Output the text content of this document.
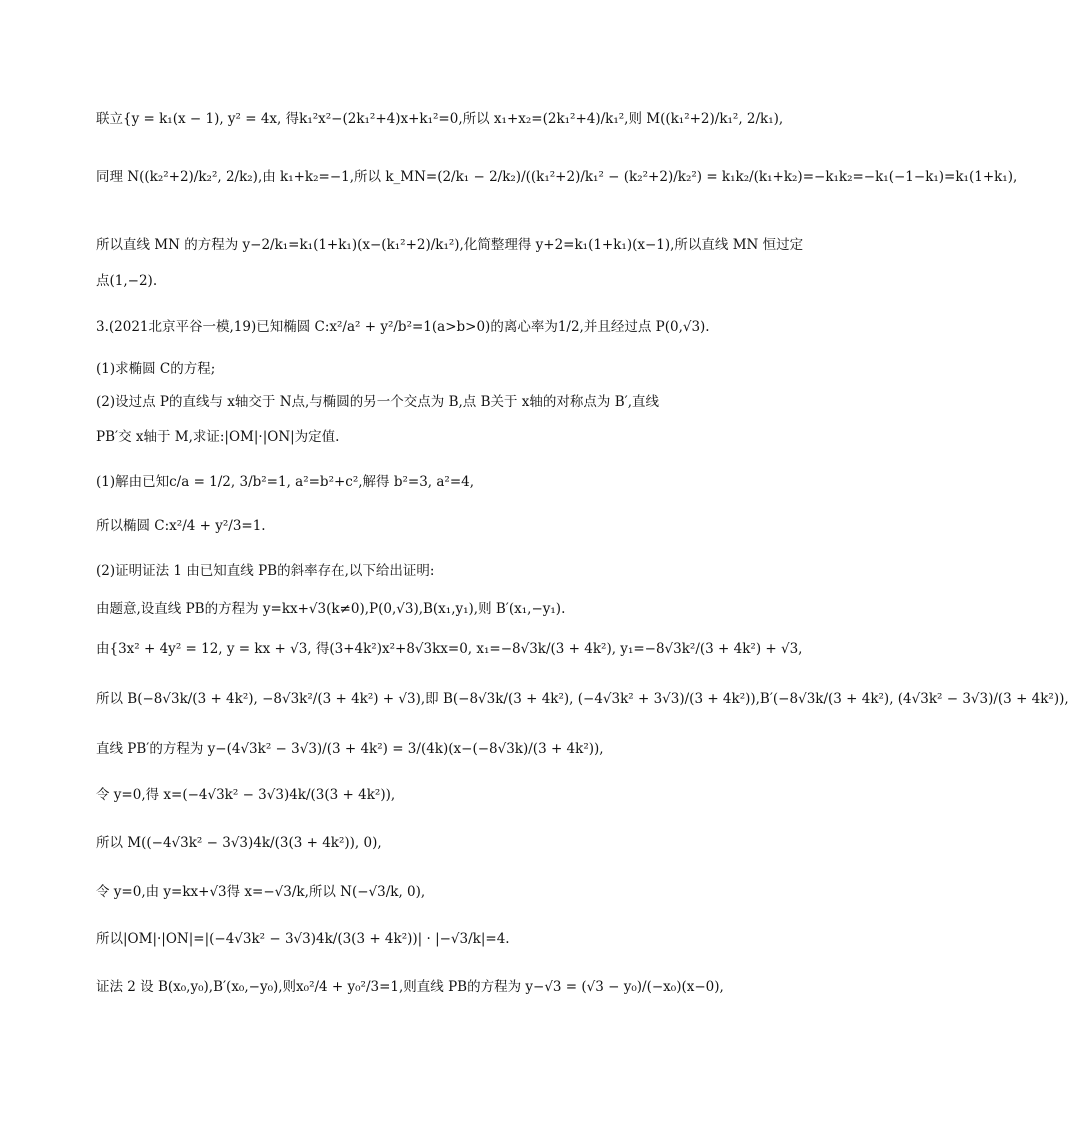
联立{y = k₁(x − 1), y² = 4x, 得k₁²x²−(2k₁²+4)x+k₁²=0,所以 x₁+x₂=(2k₁²+4)/k₁²,则 M((k₁²+2)/k₁², 2/k₁),
同理 N((k₂²+2)/k₂², 2/k₂),由 k₁+k₂=−1,所以 k_MN=(2/k₁ − 2/k₂)/((k₁²+2)/k₁² − (k₂²+2)/k₂²) = k₁k₂/(k₁+k₂)=−k₁k₂=−k₁(−1−k₁)=k₁(1+k₁),
所以直线 MN 的方程为 y−2/k₁=k₁(1+k₁)(x−(k₁²+2)/k₁²),化简整理得 y+2=k₁(1+k₁)(x−1),所以直线 MN 恒过定
点(1,−2).
3.(2021北京平谷一模,19)已知椭圆 C:x²/a² + y²/b²=1(a>b>0)的离心率为1/2,并且经过点 P(0,√3).
(1)求椭圆 C的方程;
(2)设过点 P的直线与 x轴交于 N点,与椭圆的另一个交点为 B,点 B关于 x轴的对称点为 B′,直线
PB′交 x轴于 M,求证:|OM|·|ON|为定值.
(1)解由已知c/a = 1/2, 3/b²=1, a²=b²+c²,解得 b²=3, a²=4,
所以椭圆 C:x²/4 + y²/3=1.
(2)证明证法 1 由已知直线 PB的斜率存在,以下给出证明:
由题意,设直线 PB的方程为 y=kx+√3(k≠0),P(0,√3),B(x₁,y₁),则 B′(x₁,−y₁).
由{3x² + 4y² = 12, y = kx + √3, 得(3+4k²)x²+8√3kx=0, x₁=−8√3k/(3 + 4k²), y₁=−8√3k²/(3 + 4k²) + √3,
所以 B(−8√3k/(3 + 4k²), −8√3k²/(3 + 4k²) + √3),即 B(−8√3k/(3 + 4k²), (−4√3k² + 3√3)/(3 + 4k²)),B′(−8√3k/(3 + 4k²), (4√3k² − 3√3)/(3 + 4k²)),
直线 PB′的方程为 y−(4√3k² − 3√3)/(3 + 4k²) = 3/(4k)(x−(−8√3k)/(3 + 4k²)),
令 y=0,得 x=(−4√3k² − 3√3)4k/(3(3 + 4k²)),
所以 M((−4√3k² − 3√3)4k/(3(3 + 4k²)), 0),
令 y=0,由 y=kx+√3得 x=−√3/k,所以 N(−√3/k, 0),
所以|OM|·|ON|=|(−4√3k² − 3√3)4k/(3(3 + 4k²))| · |−√3/k|=4.
证法 2 设 B(x₀,y₀),B′(x₀,−y₀),则x₀²/4 + y₀²/3=1,则直线 PB的方程为 y−√3 = (√3 − y₀)/(−x₀)(x−0),
